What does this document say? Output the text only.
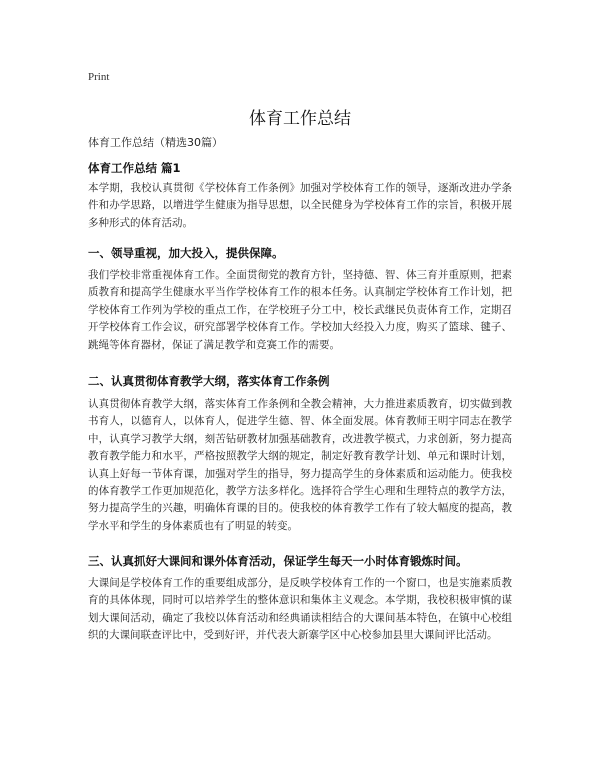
Print
体育工作总结

体育工作总结（精选30篇）

体育工作总结 篇1

本学期，我校认真贯彻《学校体育工作条例》加强对学校体育工作的领导，逐渐改进办学条件和办学思路，以增进学生健康为指导思想，以全民健身为学校体育工作的宗旨，积极开展多种形式的体育活动。

一、领导重视，加大投入，提供保障。

我们学校非常重视体育工作。全面贯彻党的教育方针，坚持德、智、体三育并重原则，把素质教育和提高学生健康水平当作学校体育工作的根本任务。认真制定学校体育工作计划，把学校体育工作列为学校的重点工作，在学校班子分工中，校长武继民负责体育工作，定期召开学校体育工作会议，研究部署学校体育工作。学校加大经投入力度，购买了篮球、毽子、跳绳等体育器材，保证了满足教学和竞赛工作的需要。

二、认真贯彻体育教学大纲，落实体育工作条例

认真贯彻体育教学大纲，落实体育工作条例和全教会精神，大力推进素质教育，切实做到教书育人，以德育人，以体育人，促进学生德、智、体全面发展。体育教师王明宇同志在教学中，认真学习教学大纲，刻苦钻研教材加强基础教育，改进教学模式，力求创新，努力提高教育教学能力和水平，严格按照教学大纲的规定，制定好教育教学计划、单元和课时计划，认真上好每一节体育课，加强对学生的指导，努力提高学生的身体素质和运动能力。使我校的体育教学工作更加规范化，教学方法多样化。选择符合学生心理和生理特点的教学方法，努力提高学生的兴趣，明确体育课的目的。使我校的体育教学工作有了较大幅度的提高，教学水平和学生的身体素质也有了明显的转变。

三、认真抓好大课间和课外体育活动，保证学生每天一小时体育锻炼时间。

大课间是学校体育工作的重要组成部分，是反映学校体育工作的一个窗口，也是实施素质教育的具体体现，同时可以培养学生的整体意识和集体主义观念。本学期，我校积极审慎的谋划大课间活动，确定了我校以体育活动和经典诵读相结合的大课间基本特色，在镇中心校组织的大课间联查评比中，受到好评，并代表大新寨学区中心校参加县里大课间评比活动。
